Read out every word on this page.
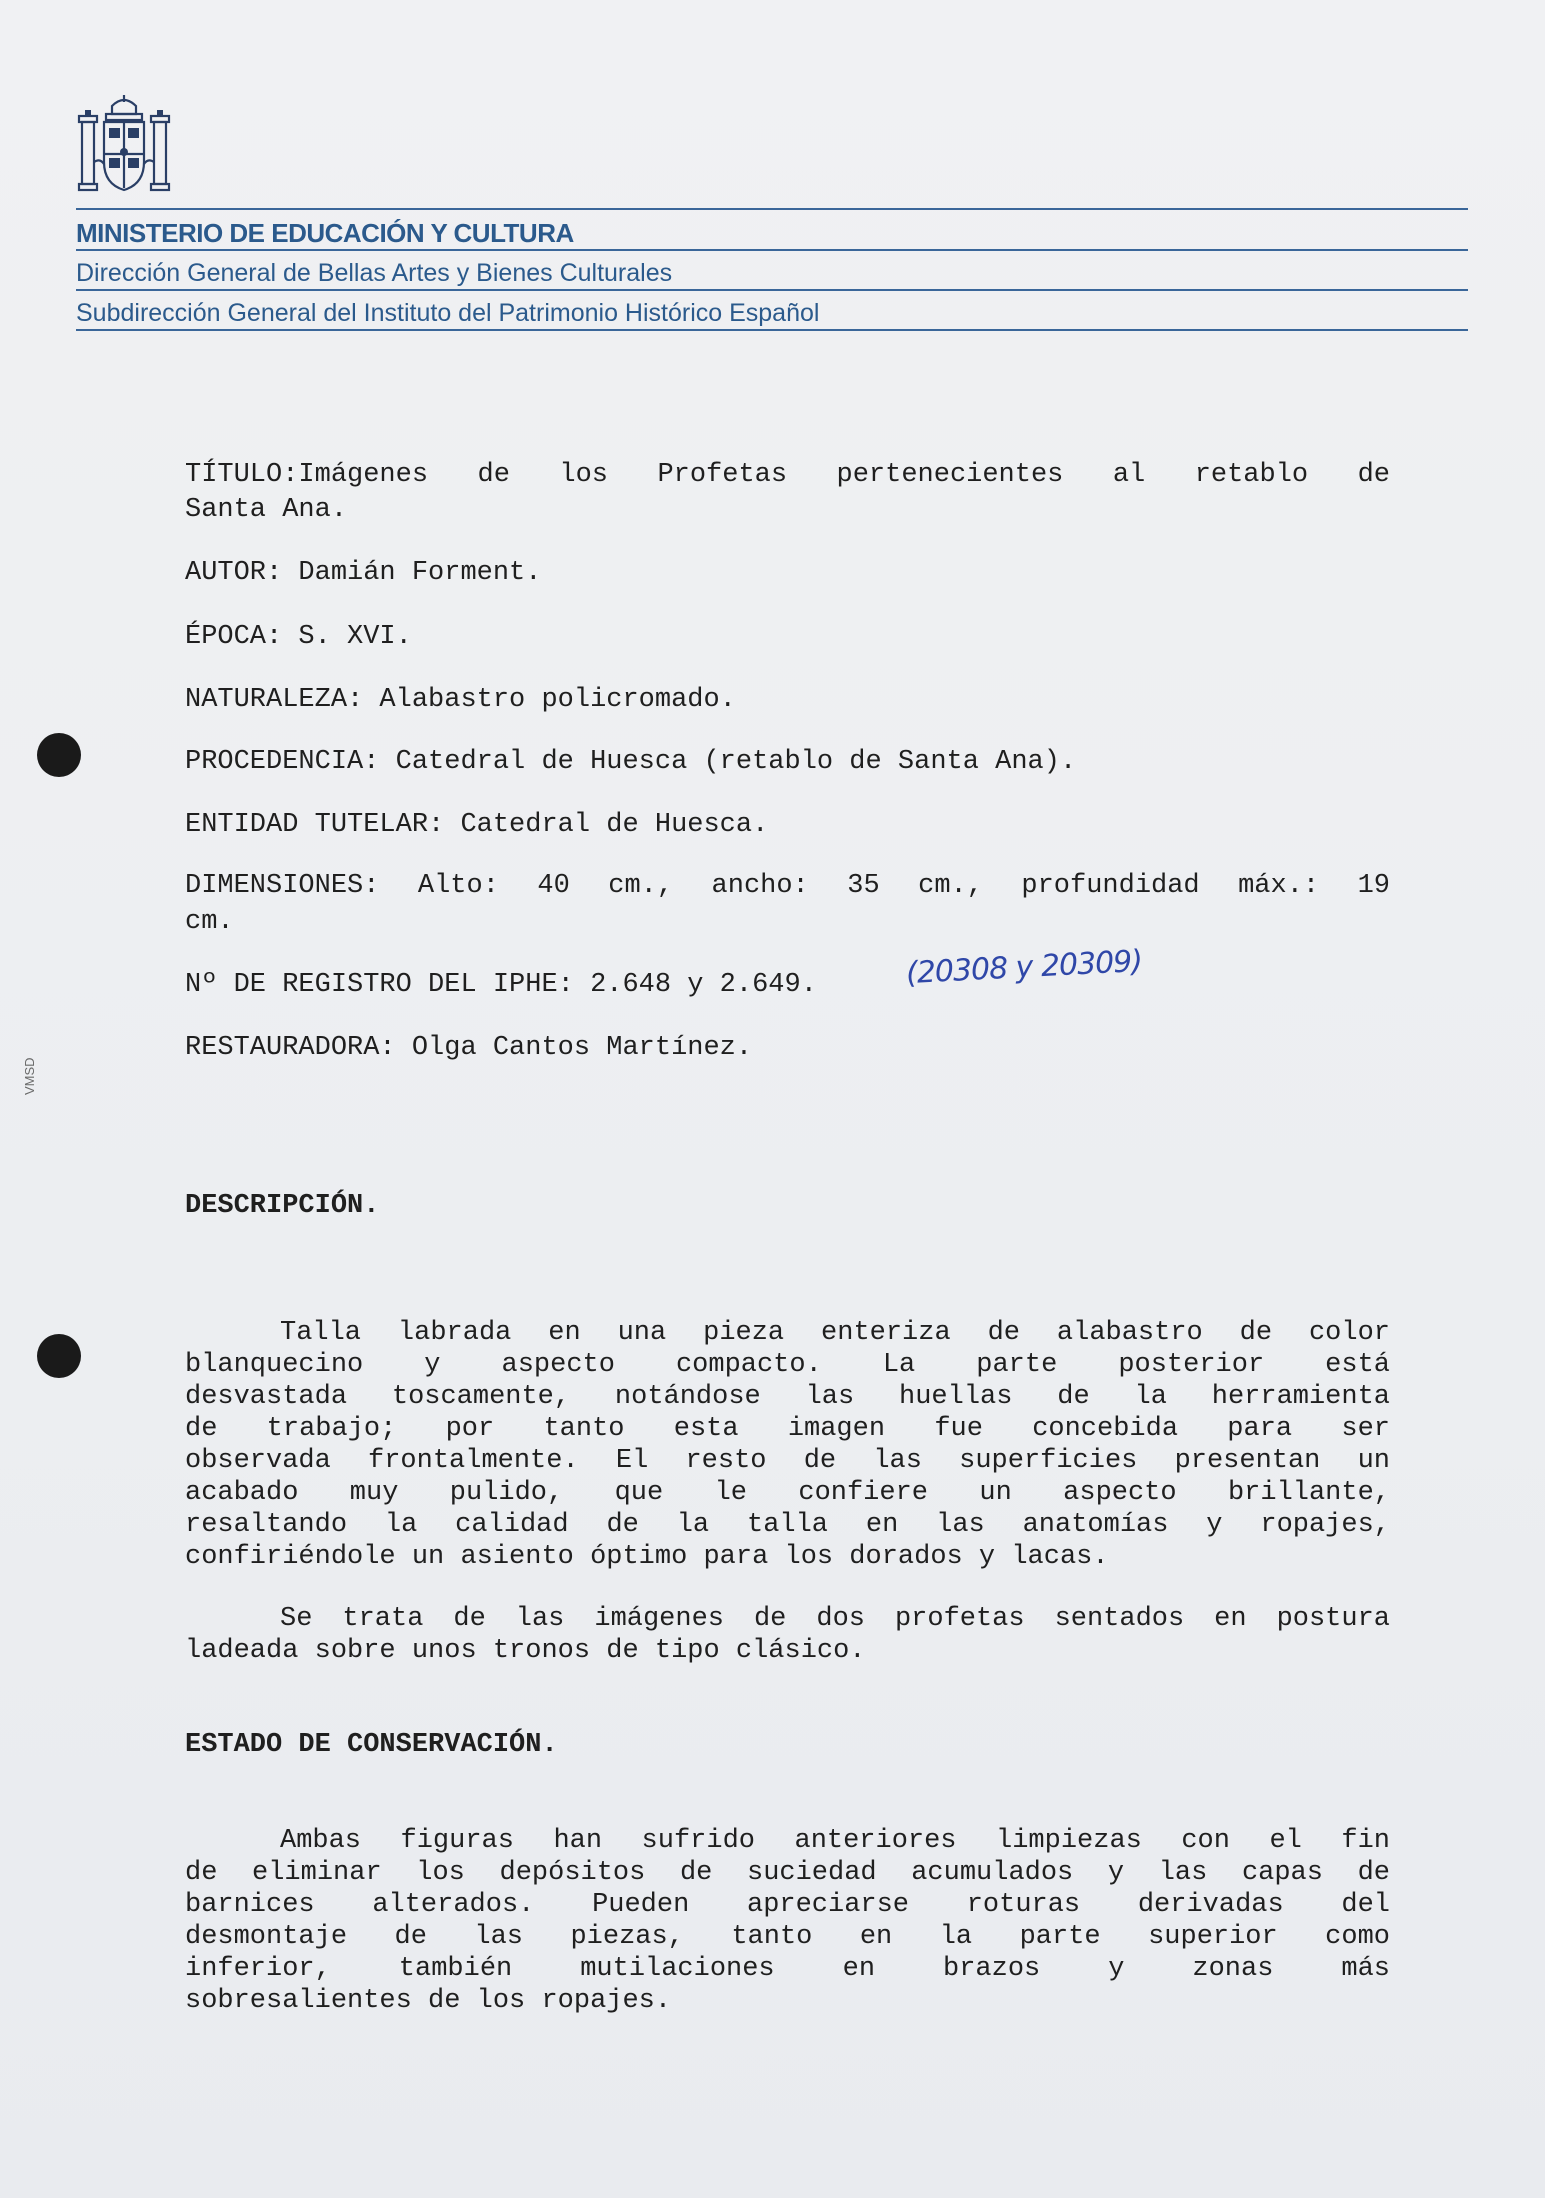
MINISTERIO DE EDUCACIÓN Y CULTURA
Dirección General de Bellas Artes y Bienes Culturales
Subdirección General del Instituto del Patrimonio Histórico Español
TÍTULO:Imágenes de los Profetas pertenecientes al retablo de
Santa Ana.
AUTOR: Damián Forment.
ÉPOCA: S. XVI.
NATURALEZA: Alabastro policromado.
PROCEDENCIA: Catedral de Huesca (retablo de Santa Ana).
ENTIDAD TUTELAR: Catedral de Huesca.
DIMENSIONES: Alto: 40 cm., ancho: 35 cm., profundidad máx.: 19
cm.
Nº DE REGISTRO DEL IPHE: 2.648 y 2.649.	(20308 y 20309)
RESTAURADORA: Olga Cantos Martínez.
DESCRIPCIÓN.
Talla labrada en una pieza enteriza de alabastro de color
blanquecino y aspecto compacto. La parte posterior está
desvastada toscamente, notándose las huellas de la herramienta
de trabajo; por tanto esta imagen fue concebida para ser
observada frontalmente. El resto de las superficies presentan un
acabado muy pulido, que le confiere un aspecto brillante,
resaltando la calidad de la talla en las anatomías y ropajes,
confiriéndole un asiento óptimo para los dorados y lacas.
Se trata de las imágenes de dos profetas sentados en postura
ladeada sobre unos tronos de tipo clásico.
ESTADO DE CONSERVACIÓN.
Ambas figuras han sufrido anteriores limpiezas con el fin
de eliminar los depósitos de suciedad acumulados y las capas de
barnices alterados. Pueden apreciarse roturas derivadas del
desmontaje de las piezas, tanto en la parte superior como
inferior, también mutilaciones en brazos y zonas más
sobresalientes de los ropajes.
VMSD
